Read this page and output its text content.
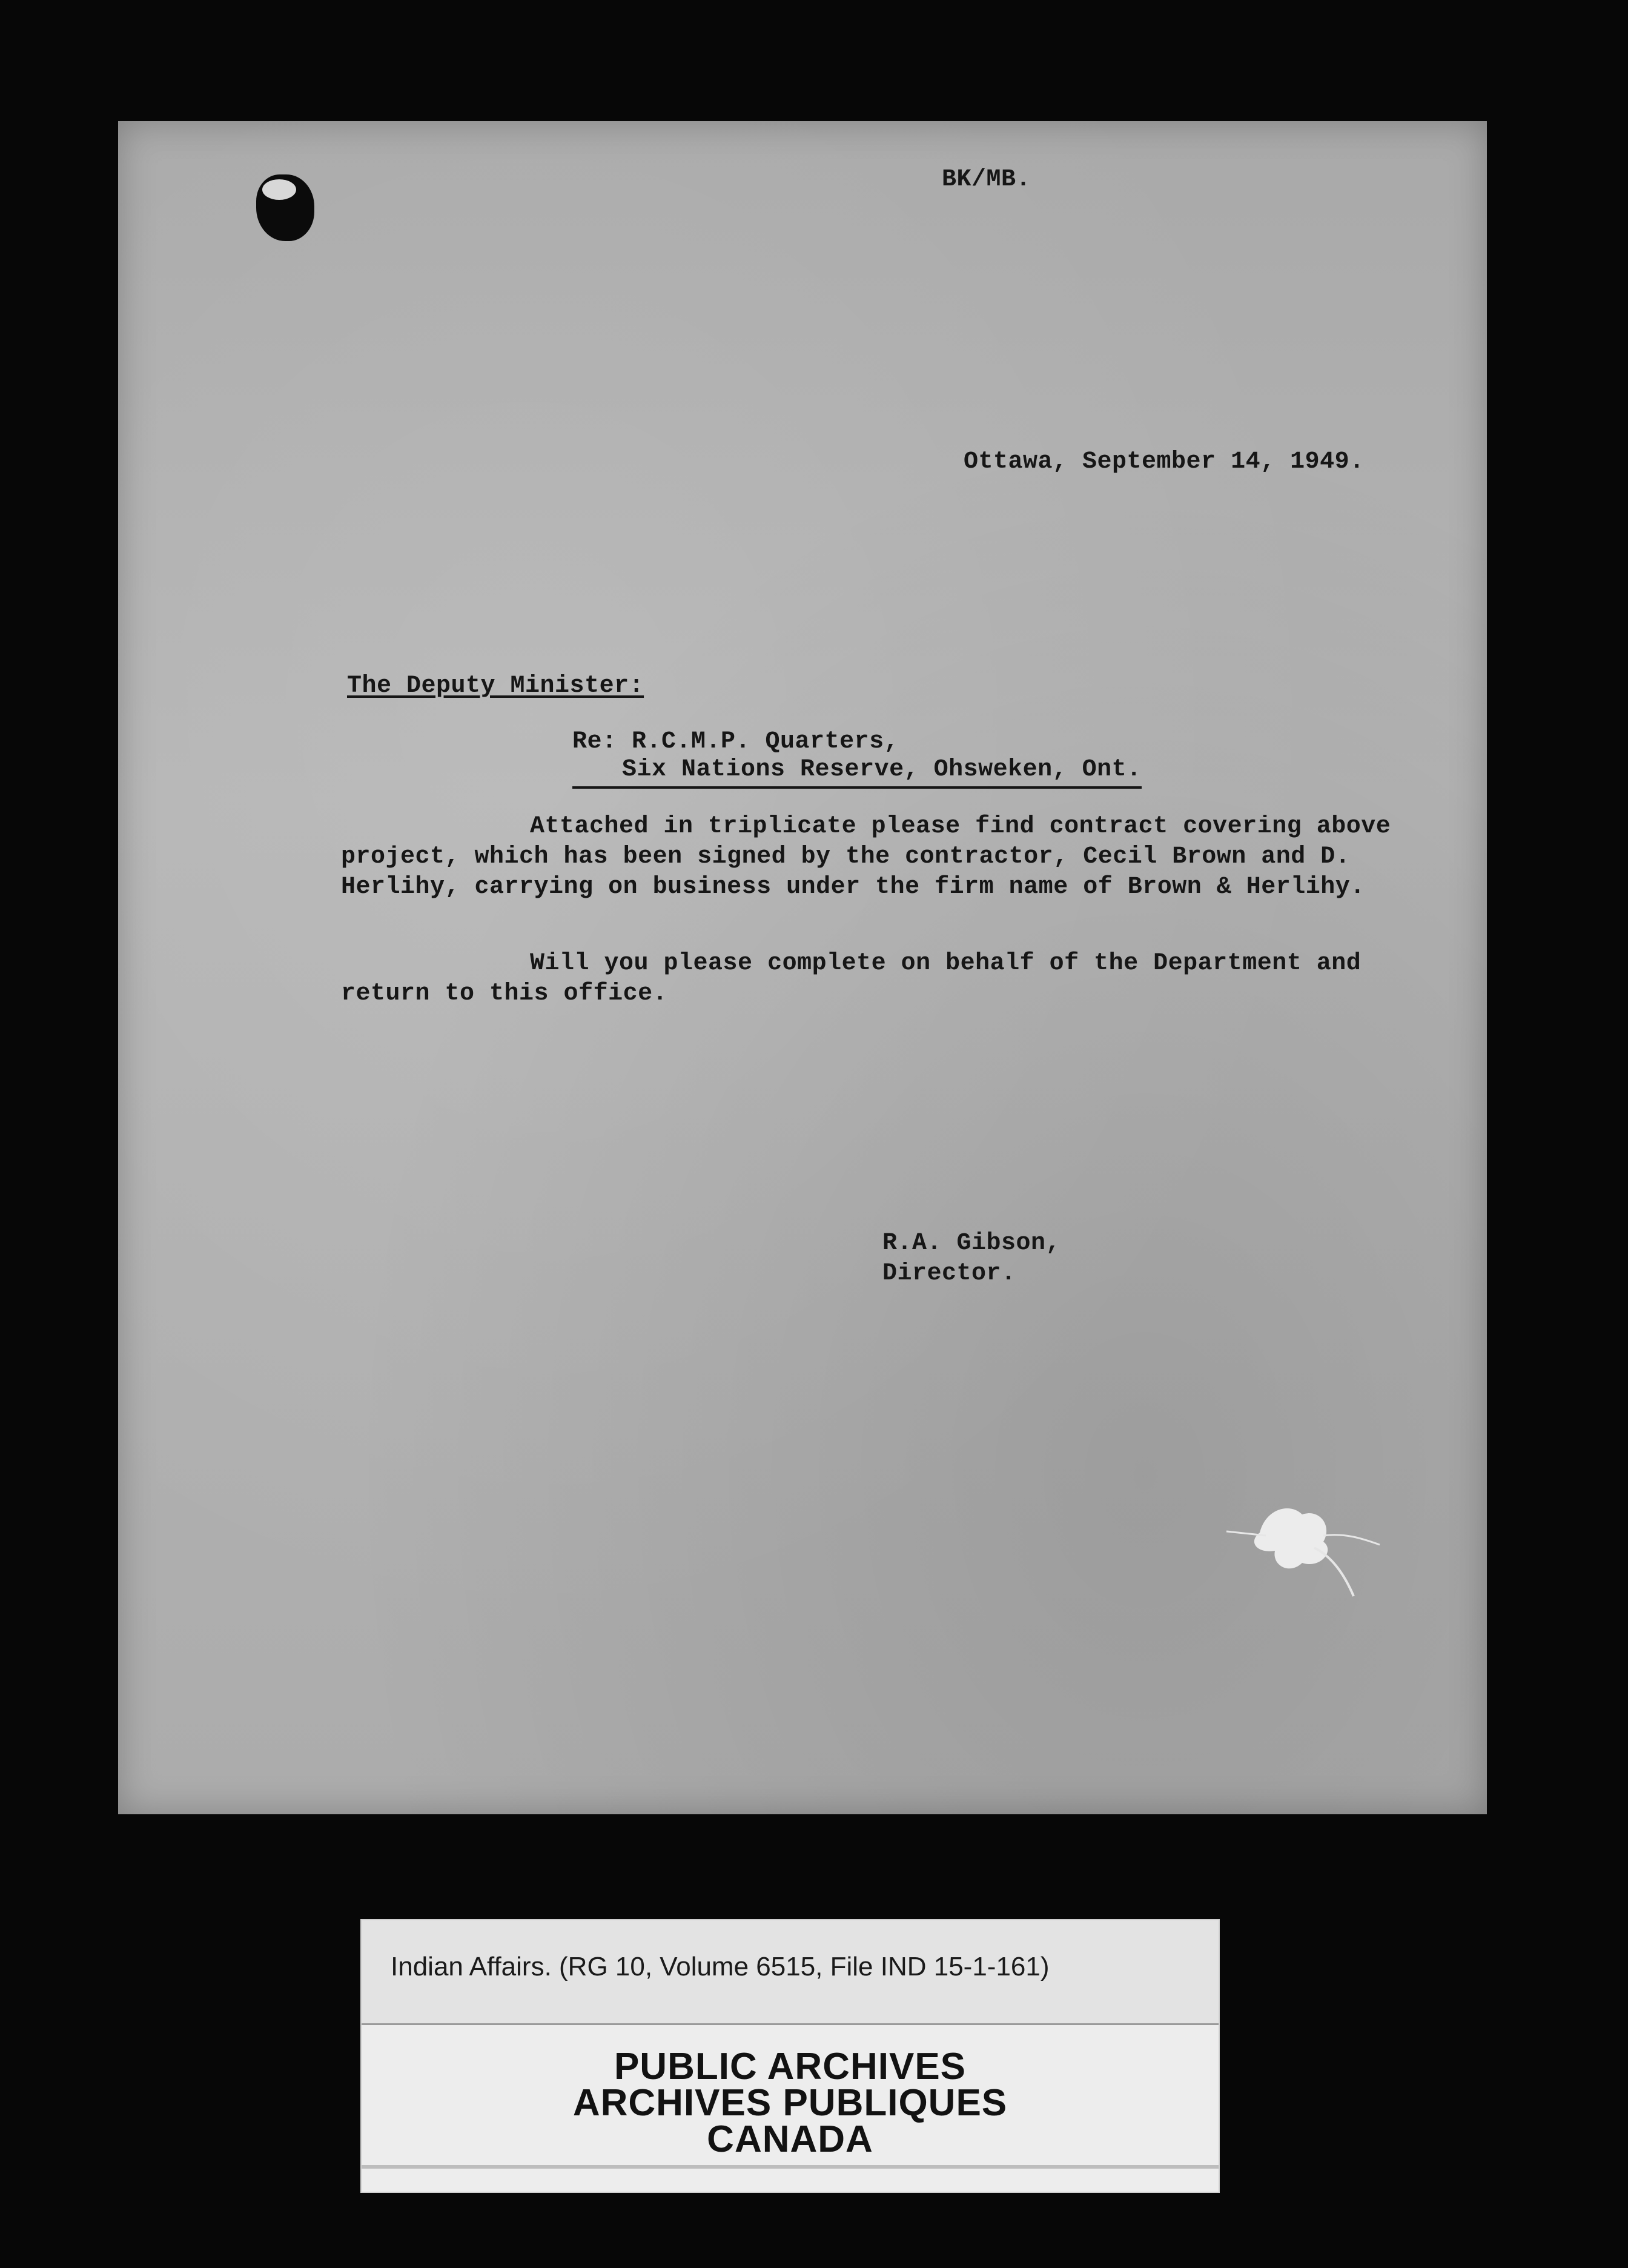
BK/MB.
Ottawa, September 14, 1949.
The Deputy Minister:
Re: R.C.M.P. Quarters,
Six Nations Reserve, Ohsweken, Ont.
Attached in triplicate please find contract covering above project, which has been signed by the contractor, Cecil Brown and D. Herlihy, carrying on business under the firm name of Brown & Herlihy.
Will you please complete on behalf of the Department and return to this office.
R.A. Gibson,
Director.
Indian Affairs. (RG 10, Volume 6515, File IND 15-1-161)
PUBLIC ARCHIVES
ARCHIVES PUBLIQUES
CANADA
